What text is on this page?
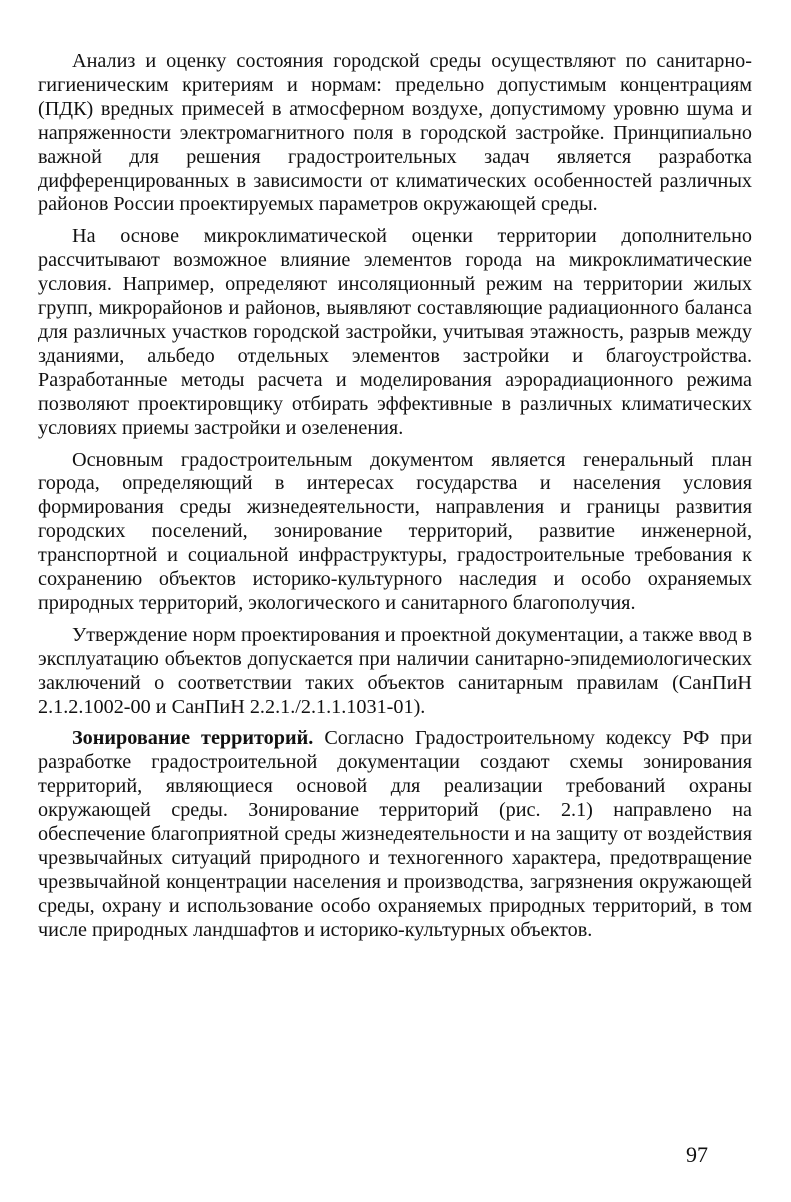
Анализ и оценку состояния городской среды осуществляют по санитарно-гигиеническим критериям и нормам: предельно допустимым концентрациям (ПДК) вредных примесей в атмосферном воздухе, допустимому уровню шума и напряженности электромагнитного поля в городской застройке. Принципиально важной для решения градостроительных задач является разработка дифференцированных в зависимости от климатических особенностей различных районов России проектируемых параметров окружающей среды.

На основе микроклиматической оценки территории дополнительно рассчитывают возможное влияние элементов города на микроклиматические условия. Например, определяют инсоляционный режим на территории жилых групп, микрорайонов и районов, выявляют составляющие радиационного баланса для различных участков городской застройки, учитывая этажность, разрыв между зданиями, альбедо отдельных элементов застройки и благоустройства. Разработанные методы расчета и моделирования аэрорадиационного режима позволяют проектировщику отбирать эффективные в различных климатических условиях приемы застройки и озеленения.

Основным градостроительным документом является генеральный план города, определяющий в интересах государства и населения условия формирования среды жизнедеятельности, направления и границы развития городских поселений, зонирование территорий, развитие инженерной, транспортной и социальной инфраструктуры, градостроительные требования к сохранению объектов историко-культурного наследия и особо охраняемых природных территорий, экологического и санитарного благополучия.

Утверждение норм проектирования и проектной документации, а также ввод в эксплуатацию объектов допускается при наличии санитарно-эпидемиологических заключений о соответствии таких объектов санитарным правилам (СанПиН 2.1.2.1002-00 и СанПиН 2.2.1./2.1.1.1031-01).

Зонирование территорий. Согласно Градостроительному кодексу РФ при разработке градостроительной документации создают схемы зонирования территорий, являющиеся основой для реализации требований охраны окружающей среды. Зонирование территорий (рис. 2.1) направлено на обеспечение благоприятной среды жизнедеятельности и на защиту от воздействия чрезвычайных ситуаций природного и техногенного характера, предотвращение чрезвычайной концентрации населения и производства, загрязнения окружающей среды, охрану и использование особо охраняемых природных территорий, в том числе природных ландшафтов и историко-культурных объектов.

97
